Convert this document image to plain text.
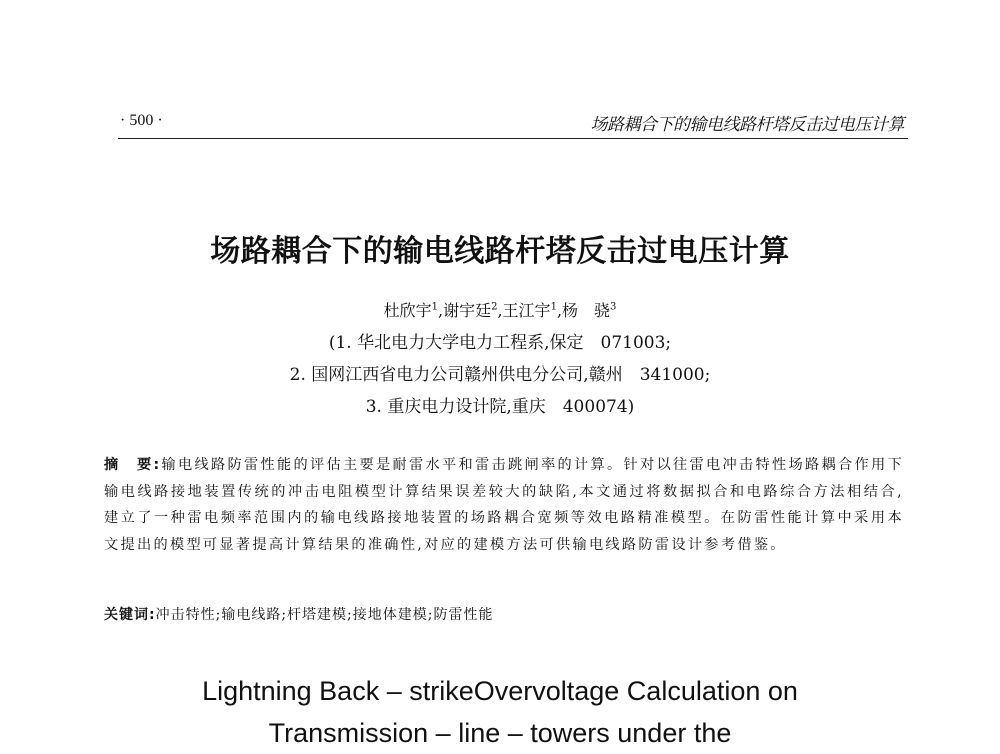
· 500 ·	场路耦合下的输电线路杆塔反击过电压计算
场路耦合下的输电线路杆塔反击过电压计算
杜欣宇$^1$,谢宇廷$^2$,王江宇$^1$,杨　骁$^3$
(1. 华北电力大学电力工程系,保定　071003;
2. 国网江西省电力公司赣州供电分公司,赣州　341000;
3. 重庆电力设计院,重庆　400074)
摘　要:输电线路防雷性能的评估主要是耐雷水平和雷击跳闸率的计算。针对以往雷电冲击特性场路耦合作用下输电线路接地装置传统的冲击电阻模型计算结果误差较大的缺陷,本文通过将数据拟合和电路综合方法相结合,建立了一种雷电频率范围内的输电线路接地装置的场路耦合宽频等效电路精准模型。在防雷性能计算中采用本文提出的模型可显著提高计算结果的准确性,对应的建模方法可供输电线路防雷设计参考借鉴。
关键词:冲击特性;输电线路;杆塔建模;接地体建模;防雷性能
Lightning Back – strikeOvervoltage Calculation on
Transmission – line – towers under the
